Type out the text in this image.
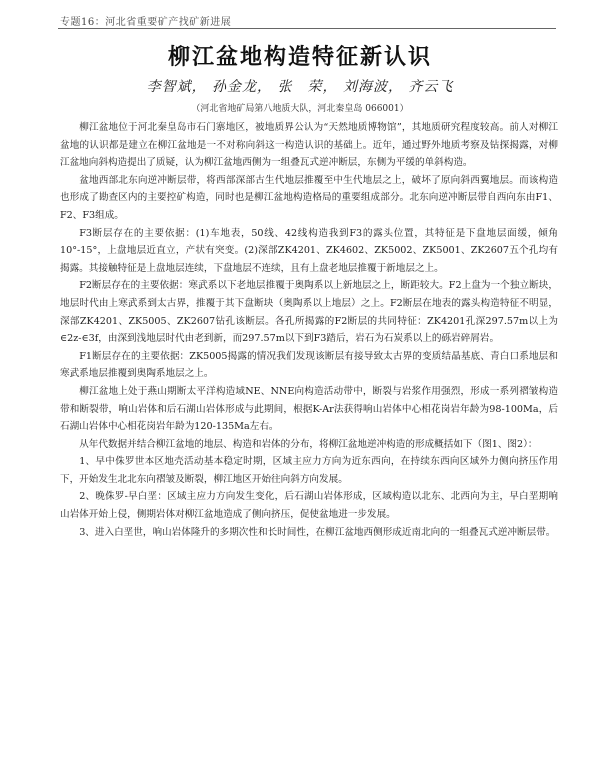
专题16：河北省重要矿产找矿新进展
柳江盆地构造特征新认识
李智斌， 孙金龙， 张　荣， 刘海波， 齐云飞
（河北省地矿局第八地质大队，河北秦皇岛 066001）

柳江盆地位于河北秦皇岛市石门寨地区，被地质界公认为“天然地质博物馆”，其地质研究程度较高。前人对柳江盆地的认识都是建立在柳江盆地是一不对称向斜这一构造认识的基础上。近年，通过野外地质考察及钻探揭露，对柳江盆地向斜构造提出了质疑，认为柳江盆地西侧为一组叠瓦式逆冲断层，东侧为平缓的单斜构造。

盆地西部北东向逆冲断层带，将西部深部古生代地层推覆至中生代地层之上，破坏了原向斜西翼地层。而该构造也形成了勘查区内的主要控矿构造，同时也是柳江盆地构造格局的重要组成部分。北东向逆冲断层带自西向东由F1、F2、F3组成。

F3断层存在的主要依据：(1)车地表，50线、42线构造我到F3的露头位置，其特征是下盘地层面缓，倾角10°-15°，上盘地层近直立，产状有突变。(2)深部ZK4201、ZK4602、ZK5002、ZK5001、ZK2607五个孔均有揭露。其接触特征是上盘地层连续，下盘地层不连续，且有上盘老地层推覆于新地层之上。

F2断层存在的主要依据：寒武系以下老地层推覆于奥陶系以上新地层之上，断距较大。F2上盘为一个独立断块，地层时代由上寒武系到太古界，推覆于其下盘断块（奥陶系以上地层）之上。F2断层在地表的露头构造特征不明显，深部ZK4201、ZK5005、ZK2607钻孔该断层。各孔所揭露的F2断层的共同特征：ZK4201孔深297.57m以上为∈2z-∈3f，由深到浅地层时代由老到新，而297.57m以下到F3踏后，岩石为石炭系以上的砾岩碎屑岩。

F1断层存在的主要依据：ZK5005揭露的情况我们发现该断层有接导致太古界的变质结晶基底、青白口系地层和寒武系地层推覆到奥陶系地层之上。

柳江盆地上处于燕山期断太平洋构造域NE、NNE向构造活动带中，断裂与岩浆作用强烈，形成一系列褶皱构造带和断裂带，响山岩体和后石湖山岩体形成与此期间，根据K-Ar法获得响山岩体中心相花岗岩年龄为98-100Ma，后石湖山岩体中心相花岗岩年龄为120-135Ma左右。

从年代数据并结合柳江盆地的地层、构造和岩体的分布，将柳江盆地逆冲构造的形成概括如下（图1、图2）：

1、早中侏罗世本区地壳活动基本稳定时期，区域主应力方向为近东西向，在持续东西向区域外力侧向挤压作用下，开始发生北北东向褶皱及断裂，柳江地区开始往向斜方向发展。

2、晚侏罗-早白垩：区域主应力方向发生变化，后石湖山岩体形成，区域构造以北东、北西向为主，早白垩期响山岩体开始上侵，侧期岩体对柳江盆地造成了侧向挤压，促使盆地进一步发展。

3、进入白垩世，响山岩体隆升的多期次性和长时间性，在柳江盆地西侧形成近南北向的一组叠瓦式逆冲断层带。
